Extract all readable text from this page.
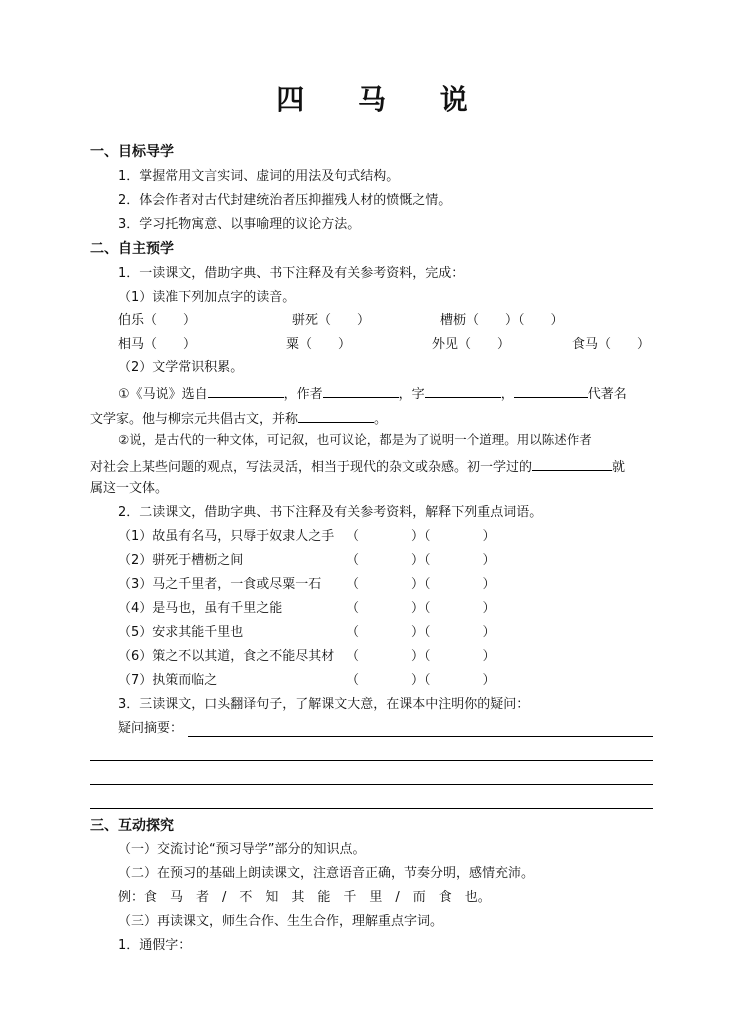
四 马 说
一、目标导学
1．掌握常用文言实词、虚词的用法及句式结构。
2．体会作者对古代封建统治者压抑摧残人材的愤慨之情。
3．学习托物寓意、以事喻理的议论方法。
二、自主预学
1．一读课文，借助字典、书下注释及有关参考资料，完成：
（1）读准下列加点字的读音。
伯乐（　　）	骈死（　　）	槽枥（　　）（　　）
相马（　　）	粟（　　）	外见（　　）	食马（　　）
（2）文学常识积累。
①《马说》选自	，作者	，字	，	代著名
文学家。他与柳宗元共倡古文，并称	。
②说，是古代的一种文体，可记叙，也可议论，都是为了说明一个道理。用以陈述作者
对社会上某些问题的观点，写法灵活，相当于现代的杂文或杂感。初一学过的	就
属这一文体。
2．二读课文，借助字典、书下注释及有关参考资料，解释下列重点词语。
（1）故虽有名马，只辱于奴隶人之手 （　　　　）（　　　　）
（2）骈死于槽枥之间	（　　　　）（　　　　）
（3）马之千里者，一食或尽粟一石 （　　　　）（　　　　）
（4）是马也，虽有千里之能	（　　　　）（　　　　）
（5）安求其能千里也	（　　　　）（　　　　）
（6）策之不以其道，食之不能尽其材 （　　　　）（　　　　）
（7）执策而临之	（　　　　）（　　　　）
3．三读课文，口头翻译句子，了解课文大意，在课本中注明你的疑问：
疑问摘要：
三、互动探究
（一）交流讨论“预习导学”部分的知识点。
（二）在预习的基础上朗读课文，注意语音正确，节奏分明，感情充沛。
例：食　马　者　/　不　知　其　能　千　里　/　而　食　也。
（三）再读课文，师生合作、生生合作，理解重点字词。
1．通假字：
